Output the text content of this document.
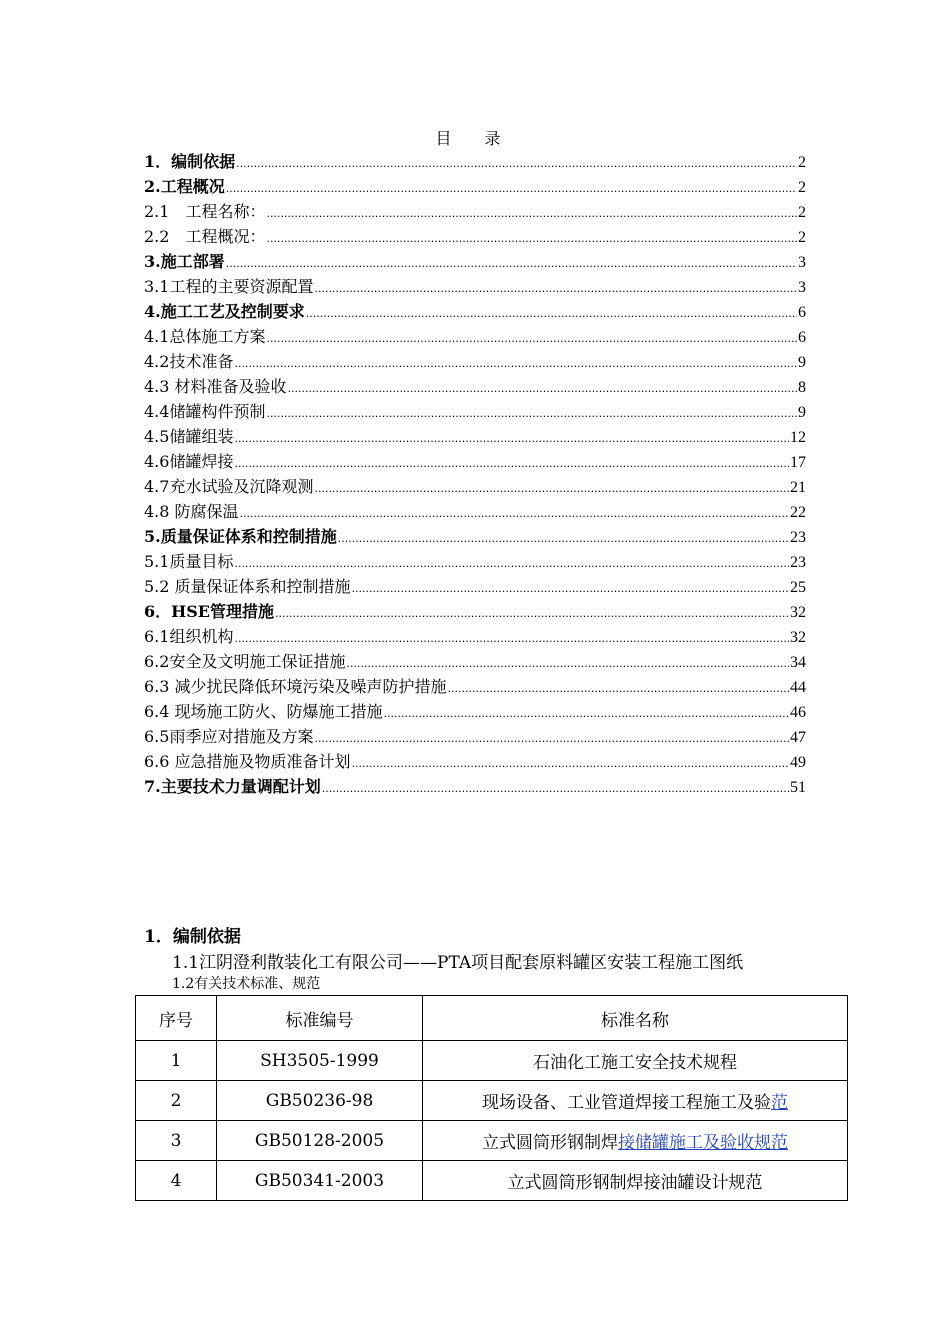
目 录
1．编制依据 .....	2
2.工程概况 .....	2
2.1　工程名称： .....	2
2.2　工程概况： .....	2
3.施工部署 .....	3
3.1工程的主要资源配置 .....	3
4.施工工艺及控制要求 .....	6
4.1总体施工方案 .....	6
4.2技术准备 .....	9
4.3 材料准备及验收 .....	8
4.4储罐构件预制 .....	9
4.5储罐组装 .....	12
4.6储罐焊接 .....	17
4.7充水试验及沉降观测 .....	21
4.8 防腐保温 .....	22
5.质量保证体系和控制措施 .....	23
5.1质量目标 .....	23
5.2 质量保证体系和控制措施 .....	25
6．HSE管理措施 .....	32
6.1组织机构 .....	32
6.2安全及文明施工保证措施 .....	34
6.3 减少扰民降低环境污染及噪声防护措施 .....	44
6.4 现场施工防火、防爆施工措施 .....	46
6.5雨季应对措施及方案 .....	47
6.6 应急措施及物质准备计划 .....	49
7.主要技术力量调配计划 .....	51
1．编制依据
1.1江阴澄利散装化工有限公司——PTA项目配套原料罐区安装工程施工图纸
1.2有关技术标准、规范
序号	标准编号	标准名称
1	SH3505-1999	石油化工施工安全技术规程
2	GB50236-98	现场设备、工业管道焊接工程施工及验范
3	GB50128-2005	立式圆筒形钢制焊接储罐施工及验收规范
4	GB50341-2003	立式圆筒形钢制焊接油罐设计规范
